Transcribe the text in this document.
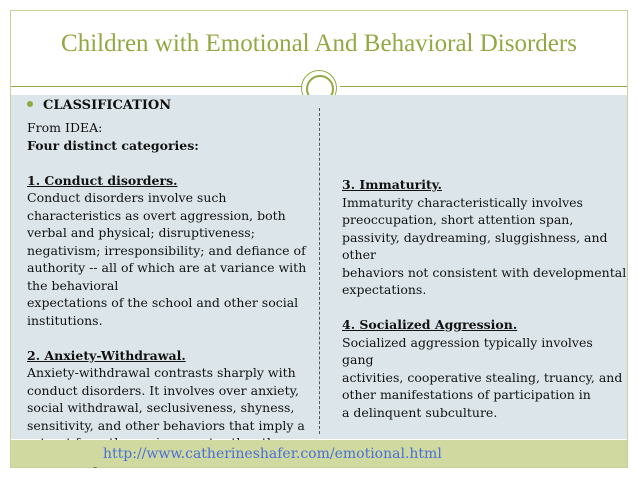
Children with Emotional And Behavioral Disorders
CLASSIFICATION
From IDEA:
Four distinct categories:
1. Conduct disorders.
Conduct disorders involve such
characteristics as overt aggression, both
verbal and physical; disruptiveness;
negativism; irresponsibility; and defiance of
authority -- all of which are at variance with
the behavioral
expectations of the school and other social
institutions.
2. Anxiety-Withdrawal.
Anxiety-withdrawal contrasts sharply with
conduct disorders. It involves over anxiety,
social withdrawal, seclusiveness, shyness,
sensitivity, and other behaviors that imply a
3. Immaturity.
Immaturity characteristically involves
preoccupation, short attention span,
passivity, daydreaming, sluggishness, and
other
behaviors not consistent with developmental
expectations.
4. Socialized Aggression.
Socialized aggression typically involves gang
activities, cooperative stealing, truancy, and
other manifestations of participation in
a delinquent subculture.
http://www.catherineshafer.com/emotional.html
